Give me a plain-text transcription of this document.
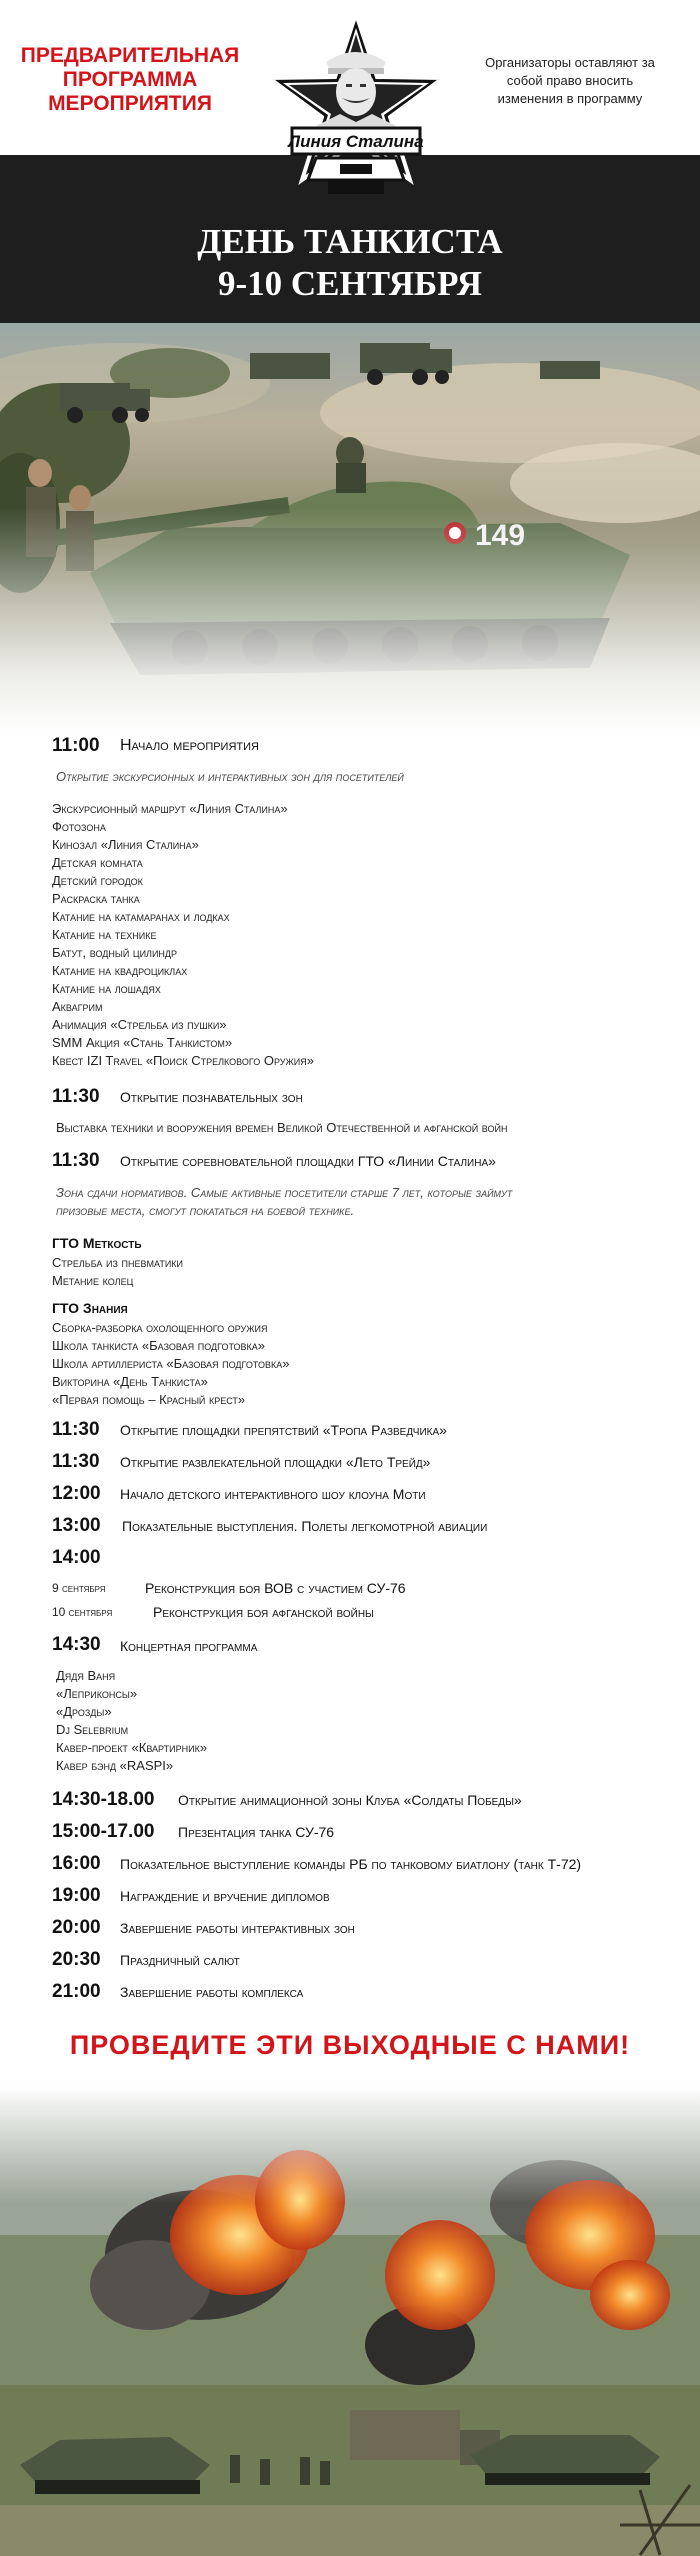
ПРЕДВАРИТЕЛЬНАЯ
ПРОГРАММА
МЕРОПРИЯТИЯ
Организаторы оставляют за
собой право вносить
изменения в программу
Линия Сталина
ДЕНЬ ТАНКИСТА
9-10 СЕНТЯБРЯ
11:00 Начало мероприятия
Открытие экскурсионных и интерактивных зон для посетителей
Экскурсионный маршрут «Линия Сталина»
Фотозона
Кинозал «Линия Сталина»
Детская комната
Детский городок
Раскраска танка
Катание на катамаранах и лодках
Катание на технике
Батут, водный цилиндр
Катание на квадроциклах
Катание на лошадях
Аквагрим
Анимация «Стрельба из пушки»
SMM Акция «Стань Танкистом»
Квест IZI Travel «Поиск Стрелкового Оружия»
11:30 Открытие познавательных зон
Выставка техники и вооружения времен Великой Отечественной и афганской войн
11:30 Открытие соревновательной площадки ГТО «Линии Сталина»
Зона сдачи нормативов. Самые активные посетители старше 7 лет, которые займут
призовые места, смогут покататься на боевой технике.
ГТО Меткость
Стрельба из пневматики
Метание колец
ГТО Знания
Сборка-разборка охолощенного оружия
Школа танкиста «Базовая подготовка»
Школа артиллериста «Базовая подготовка»
Викторина «День Танкиста»
«Первая помощь – Красный крест»
11:30 Открытие площадки препятствий «Тропа Разведчика»
11:30 Открытие развлекательной площадки «Лето Трейд»
12:00 Начало детского интерактивного шоу клоуна Моти
13:00 Показательные выступления. Полеты легкомотрной авиации
14:00
9 сентября	Реконструкция боя ВОВ с участием СУ-76
10 сентября	Реконструкция боя афганской войны
14:30 Концертная программа
Дядя Ваня
«Леприконсы»
«Дрозды»
Dj Selebrium
Кавер-проект «Квартирник»
Кавер бэнд «RASPI»
14:30-18.00 Открытие анимационной зоны Клуба «Солдаты Победы»
15:00-17.00 Презентация танка СУ-76
16:00 Показательное выступление команды РБ по танковому биатлону (танк Т-72)
19:00 Награждение и вручение дипломов
20:00 Завершение работы интерактивных зон
20:30 Праздничный салют
21:00 Завершение работы комплекса
ПРОВЕДИТЕ ЭТИ ВЫХОДНЫЕ С НАМИ!
